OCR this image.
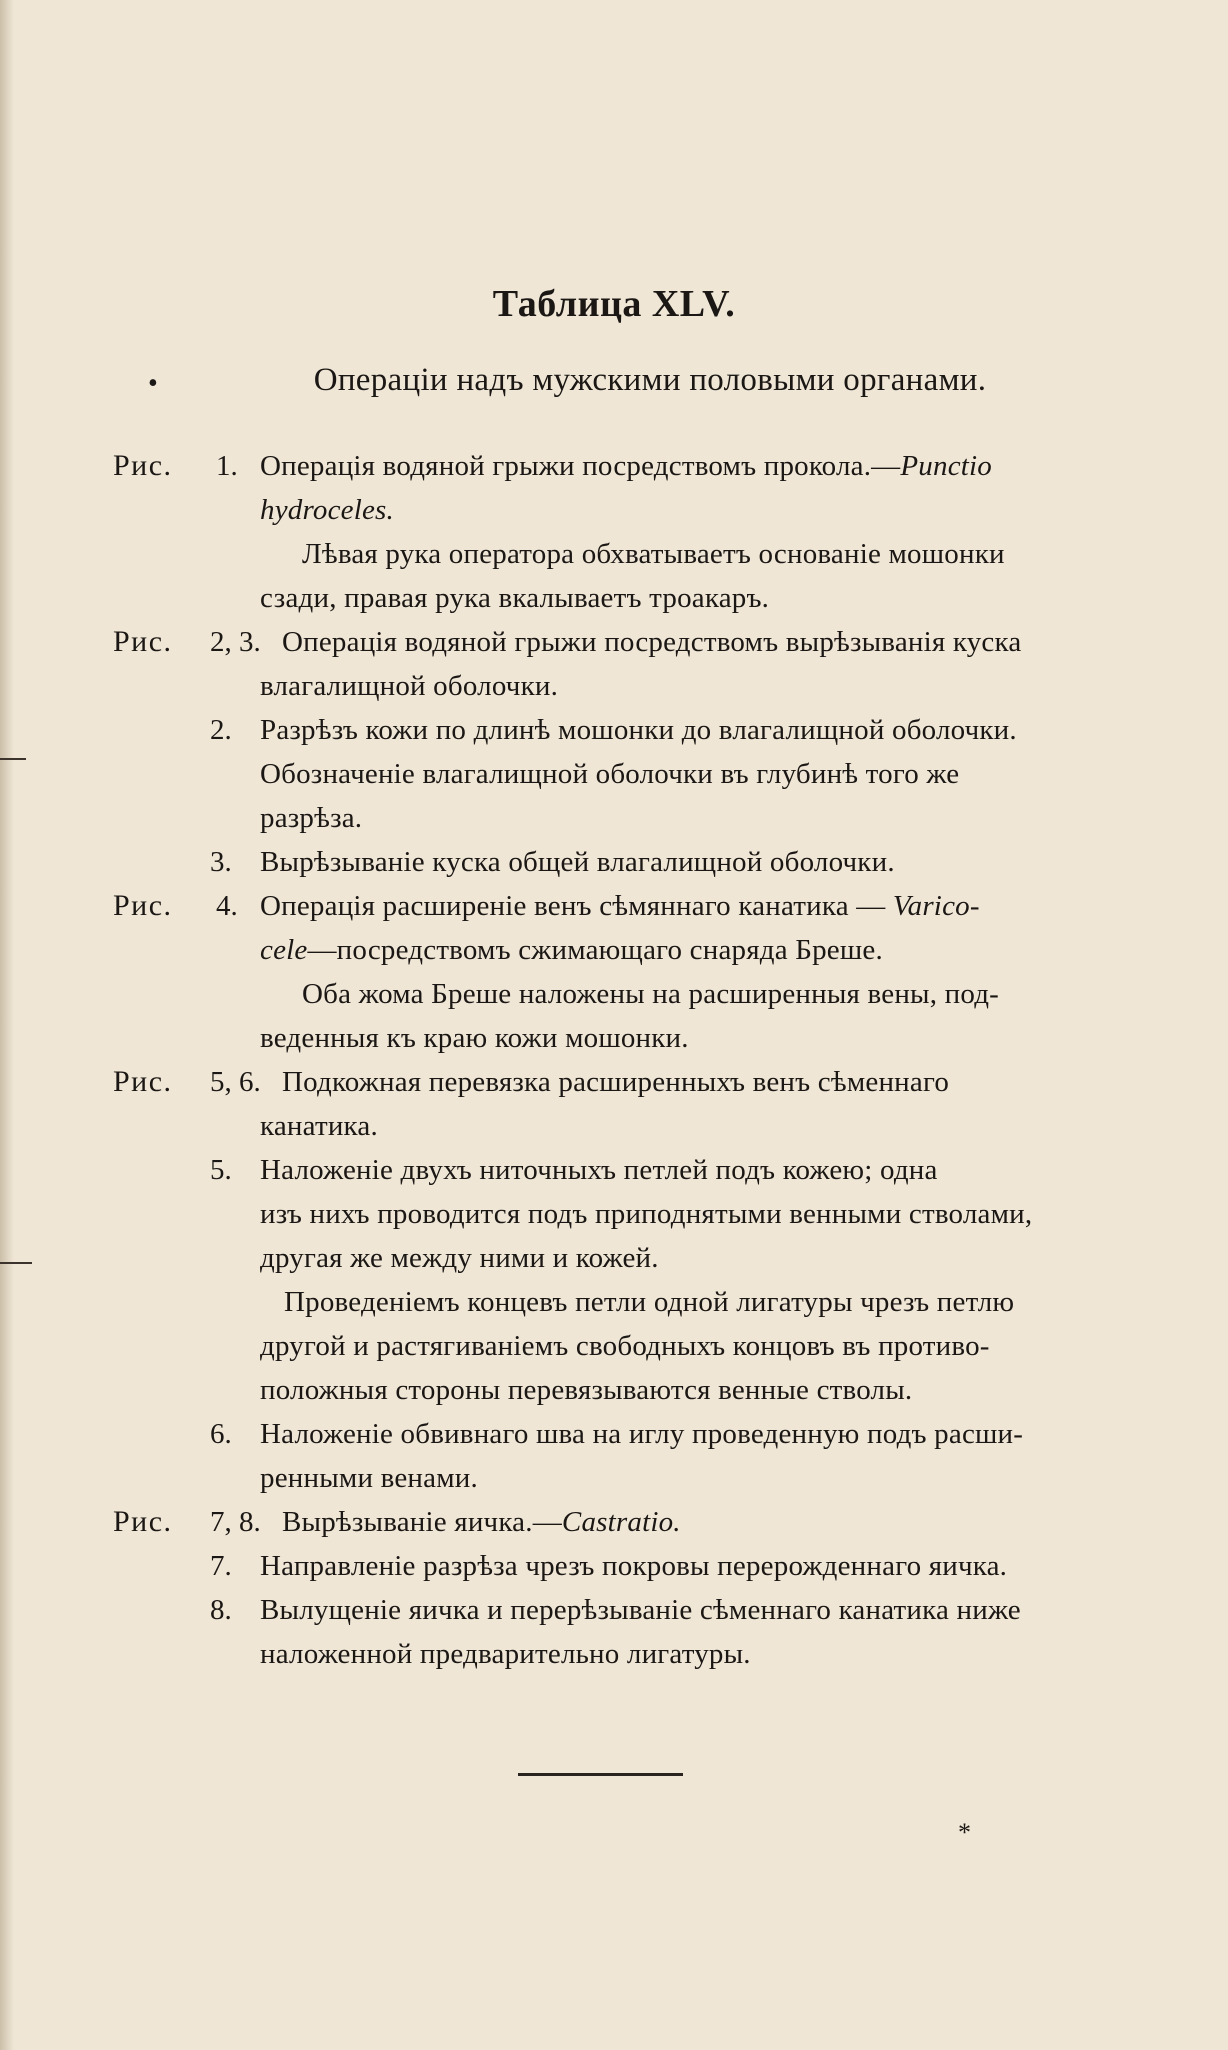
Таблица XLV.
•	Операціи надъ мужскими половыми органами.
Рис. 1. Операція водяной грыжи посредствомъ прокола.—Punctio
hydroceles.
Лѣвая рука оператора обхватываетъ основаніе мошонки
сзади, правая рука вкалываетъ троакаръ.
Рис. 2, 3. Операція водяной грыжи посредствомъ вырѣзыванія куска
влагалищной оболочки.
2. Разрѣзъ кожи по длинѣ мошонки до влагалищной оболочки.
Обозначеніе влагалищной оболочки въ глубинѣ того же
разрѣза.
3. Вырѣзываніе куска общей влагалищной оболочки.
Рис. 4. Операція расширеніе венъ сѣмяннаго канатика — Varico-
cele—посредствомъ сжимающаго снаряда Бреше.
Оба жома Бреше наложены на расширенныя вены, под-
веденныя къ краю кожи мошонки.
Рис. 5, 6. Подкожная перевязка расширенныхъ венъ сѣменнаго
канатика.
5. Наложеніе двухъ ниточныхъ петлей подъ кожею; одна
изъ нихъ проводится подъ приподнятыми венными стволами,
другая же между ними и кожей.
Проведеніемъ концевъ петли одной лигатуры чрезъ петлю
другой и растягиваніемъ свободныхъ концовъ въ противо-
положныя стороны перевязываются венные стволы.
6. Наложеніе обвивнаго шва на иглу проведенную подъ расши-
ренными венами.
Рис. 7, 8. Вырѣзываніе яичка.—Castratio.
7. Направленіе разрѣза чрезъ покровы перерожденнаго яичка.
8. Вылущеніе яичка и перерѣзываніе сѣменнаго канатика ниже
наложенной предварительно лигатуры.
*
